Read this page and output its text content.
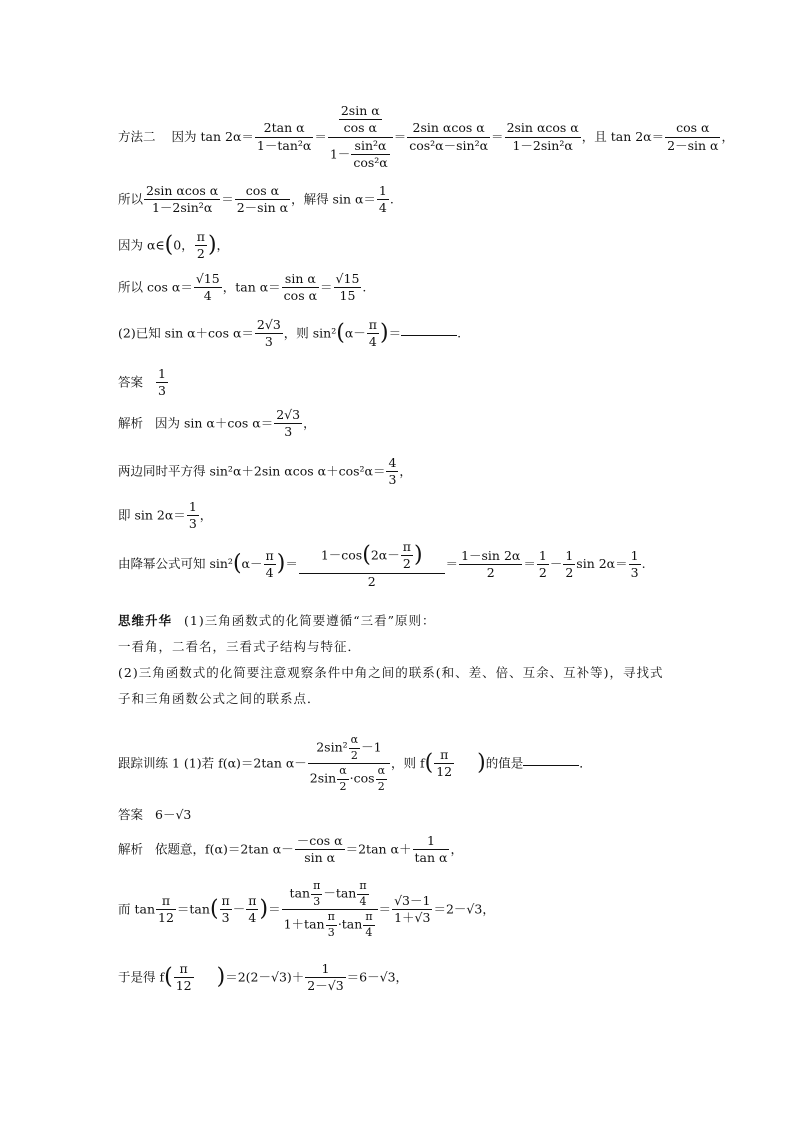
方法二 因为 $\tan 2\alpha= \frac{\text{2tan α}}{\text{1－tan²α}} = \frac{\frac{\text{2sin α}}{\text{cos α}}}{1- \frac{\text{sin²α}}{\text{cos²α}}} = \frac{\text{2sin αcos α}}{\text{cos²α－sin²α}} = \frac{\text{2sin αcos α}}{\text{1－2sin²α}}$ ，且 $\tan 2\alpha= \frac{\text{cos α}}{\text{2－sin α}}$ ，
所以 $\frac{\text{2sin αcos α}}{\text{1－2sin²α}} = \frac{\text{cos α}}{\text{2－sin α}}$ ，解得 $\sin \alpha= \frac{1}{4}$ .
因为 α∈(0， $\frac{\pi}{2}$ )，
所以 $\cos \alpha= \frac{√15}{4}$ ，$\tan \alpha= \frac{\text{sin α}}{\text{cos α}} = \frac{√15}{15}$ .
(2)已知 sin α＋cos $\alpha= \frac{2√3}{3}$ ，则 $\sin^2(\alpha- \frac{\pi}{4}$ )＝	.
答案 $\frac{1}{3}$
解析 因为 sin α＋cos $\alpha= \frac{2√3}{3}$ ，
两边同时平方得 sin²α＋2sin αcos $\alpha+\cos^2\alpha= \frac{4}{3}$ ，
即 $\sin 2\alpha= \frac{1}{3}$ ，
由降幂公式可知 $\sin^2(\alpha- \frac{\pi}{4}$ )＝ $\frac{1-\cos(2\alpha- \frac{\pi}{2} )}{2} = \frac{1-\sin 2\alpha}{2} = \frac{1}{2} - \frac{1}{2}$ $\sin 2\alpha= \frac{1}{3}$ .
思维升华 (1)三角函数式的化简要遵循“三看”原则：
一看角，二看名，三看式子结构与特征．
(2)三角函数式的化简要注意观察条件中角之间的联系(和、差、倍、互余、互补等)，寻找式
子和三角函数公式之间的联系点．
跟踪训练 1 (1)若 f(α)＝2tan $\alpha- \frac{2\sin^2 \frac{\alpha}{2} -1}{2\sin \frac{\alpha}{2} \cdot\cos \frac{\alpha}{2}}$ ，则 $f( \frac{\pi}{12}$ )的值是	．
答案 6－√3
解析 依题意，f(α)＝2tan $\alpha- \frac{\text{－cos α}}{\text{sin α}} =2\tan$ $\alpha+ \frac{1}{\text{tan α}}$ ，
而 $\tan \frac{\pi}{12} =\tan( \frac{\pi}{3} - \frac{\pi}{4}$ )＝ $\frac{\tan \frac{\pi}{3} -\tan \frac{\pi}{4}}{1+\tan \frac{\pi}{3} \cdot\tan \frac{\pi}{4}} = \frac{√3-1}{1+√3} =2-√3$，
于是得 $f( \frac{\pi}{12} )=2(2-√3)+ \frac{1}{2-√3} =6-√3$，
